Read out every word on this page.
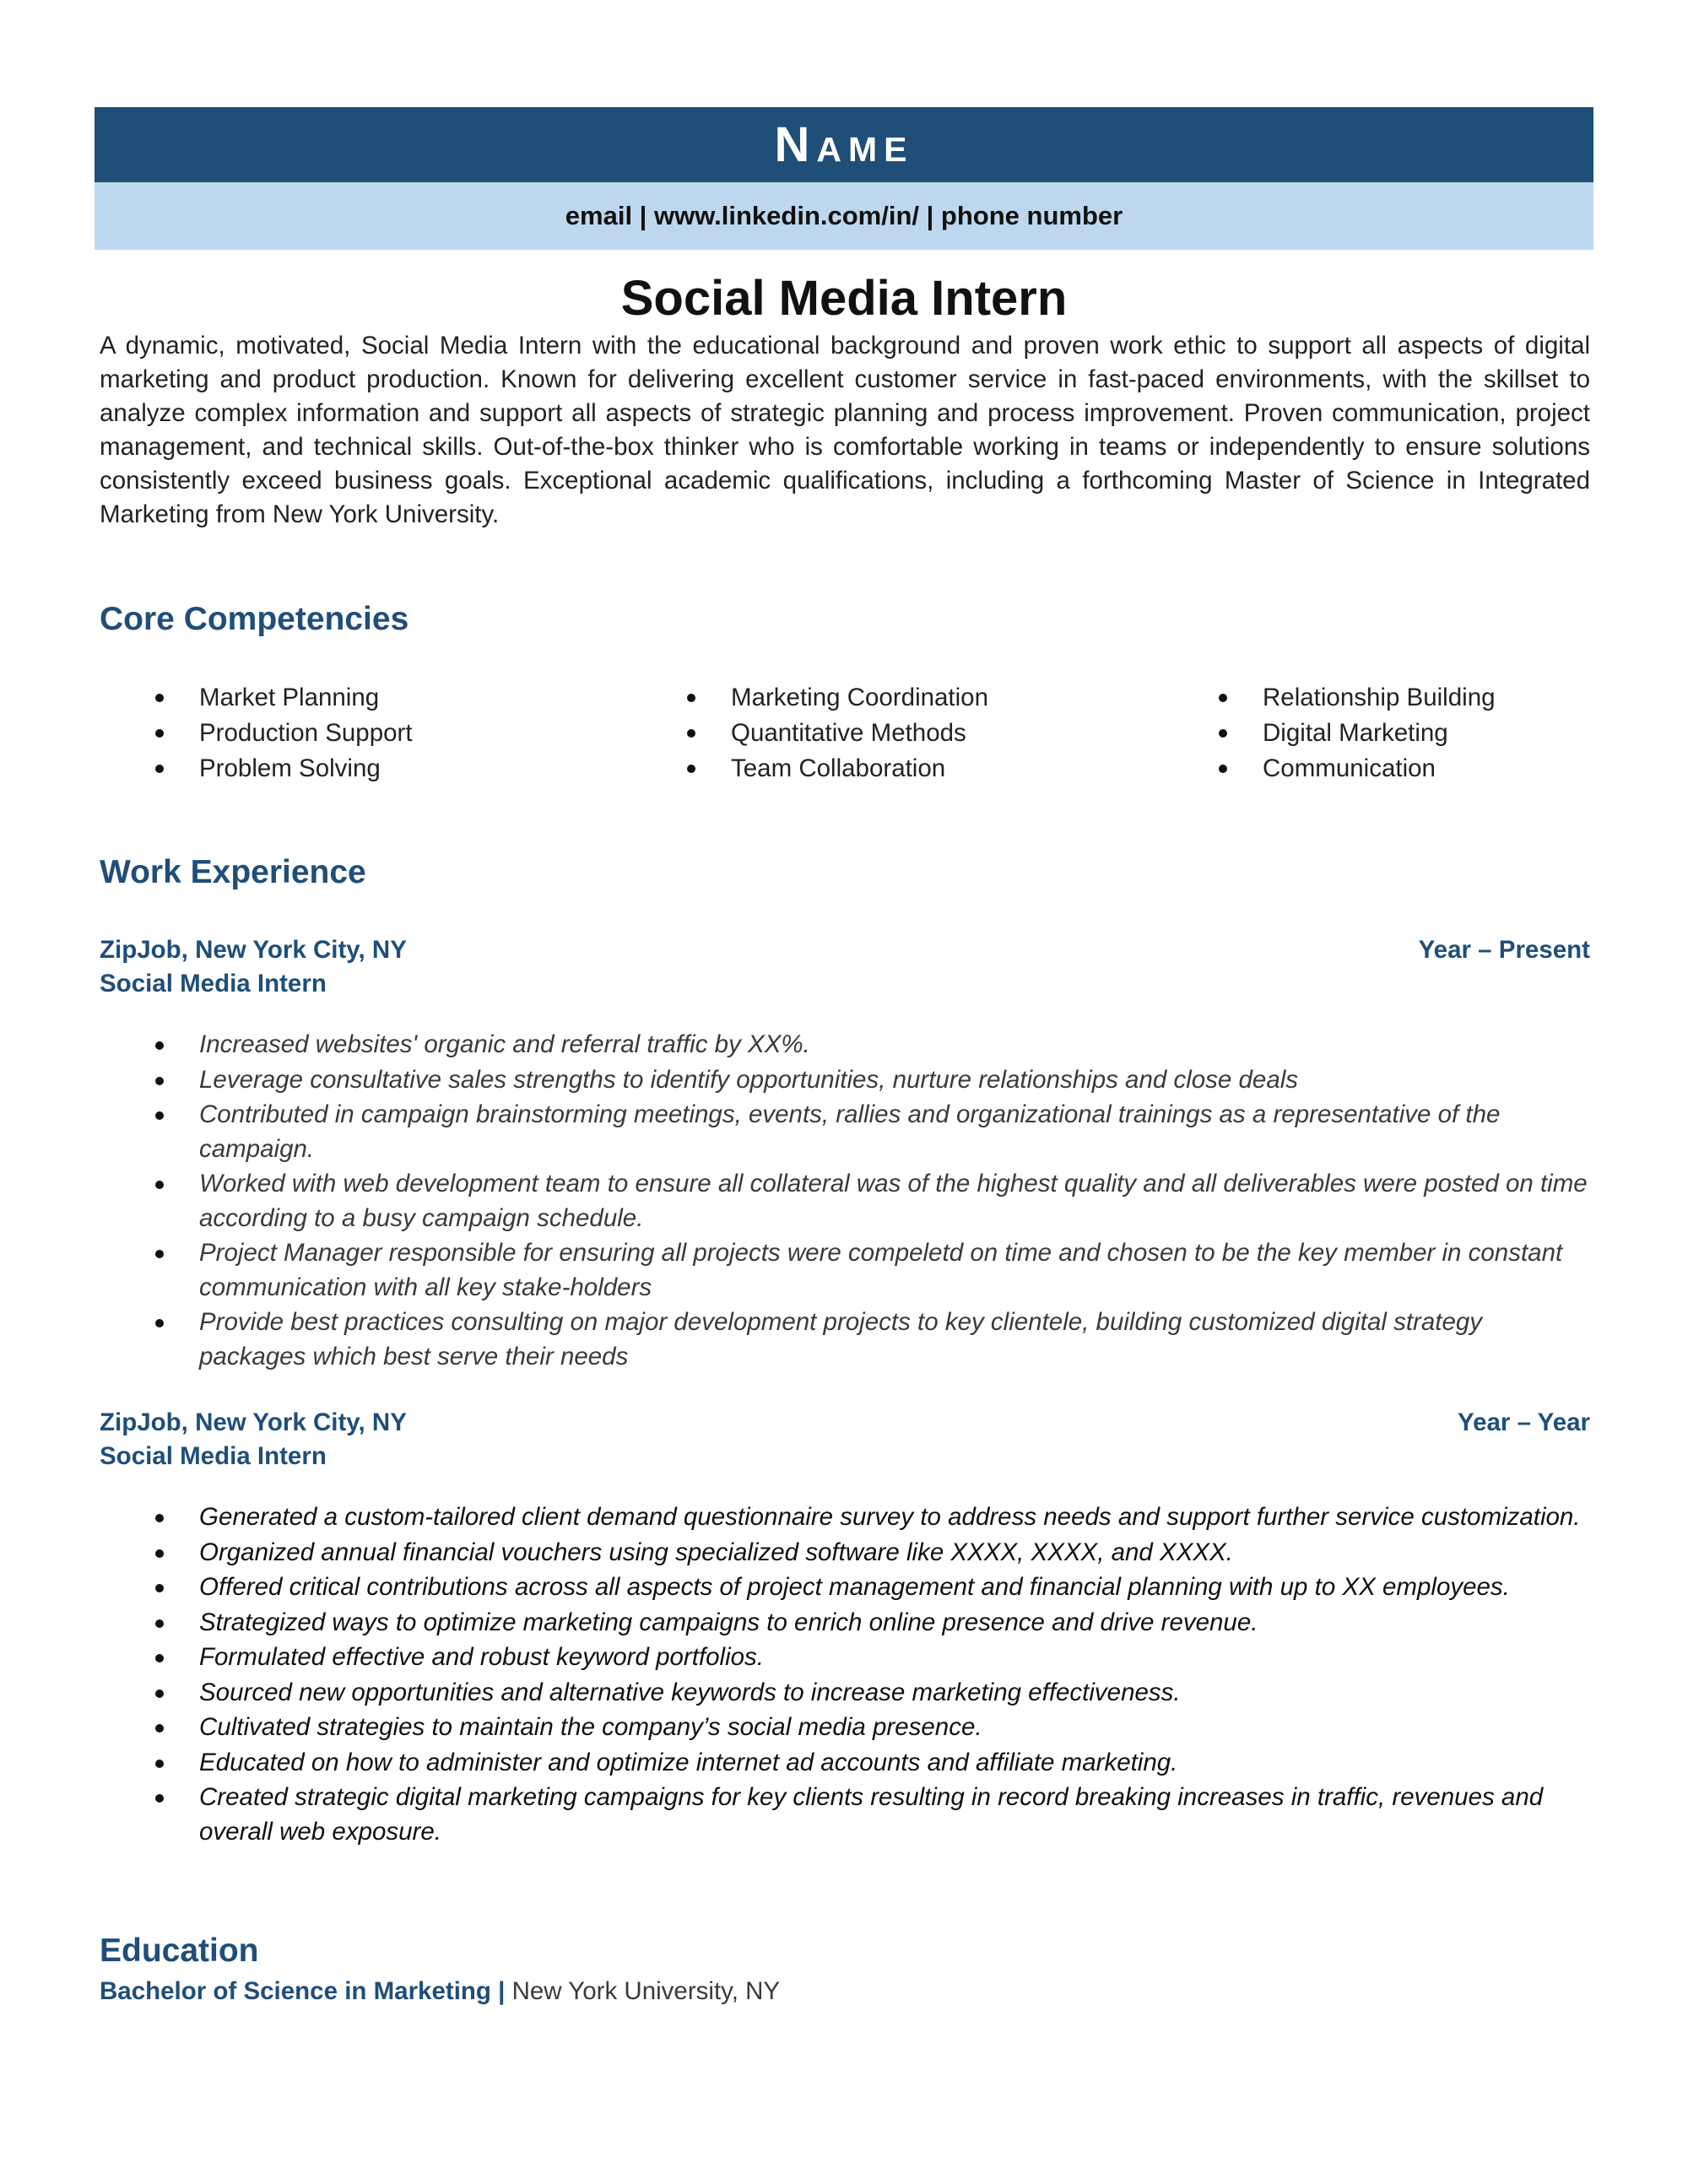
Name
email | www.linkedin.com/in/ | phone number
Social Media Intern

A dynamic, motivated, Social Media Intern with the educational background and proven work ethic to support all aspects of digital marketing and product production. Known for delivering excellent customer service in fast-paced environments, with the skillset to analyze complex information and support all aspects of strategic planning and process improvement. Proven communication, project management, and technical skills. Out-of-the-box thinker who is comfortable working in teams or independently to ensure solutions consistently exceed business goals. Exceptional academic qualifications, including a forthcoming Master of Science in Integrated Marketing from New York University.

Core Competencies
Market Planning
Production Support
Problem Solving
Marketing Coordination
Quantitative Methods
Team Collaboration
Relationship Building
Digital Marketing
Communication
Work Experience
ZipJob, New York City, NY	Year – Present
Social Media Intern
Increased websites' organic and referral traffic by XX%.
Leverage consultative sales strengths to identify opportunities, nurture relationships and close deals
Contributed in campaign brainstorming meetings, events, rallies and organizational trainings as a representative of the campaign.
Worked with web development team to ensure all collateral was of the highest quality and all deliverables were posted on time according to a busy campaign schedule.
Project Manager responsible for ensuring all projects were compeletd on time and chosen to be the key member in constant communication with all key stake-holders
Provide best practices consulting on major development projects to key clientele, building customized digital strategy packages which best serve their needs
ZipJob, New York City, NY	Year – Year
Social Media Intern
Generated a custom-tailored client demand questionnaire survey to address needs and support further service customization.
Organized annual financial vouchers using specialized software like XXXX, XXXX, and XXXX.
Offered critical contributions across all aspects of project management and financial planning with up to XX employees.
Strategized ways to optimize marketing campaigns to enrich online presence and drive revenue.
Formulated effective and robust keyword portfolios.
Sourced new opportunities and alternative keywords to increase marketing effectiveness.
Cultivated strategies to maintain the company’s social media presence.
Educated on how to administer and optimize internet ad accounts and affiliate marketing.
Created strategic digital marketing campaigns for key clients resulting in record breaking increases in traffic, revenues and overall web exposure.
Education
Bachelor of Science in Marketing | New York University, NY
